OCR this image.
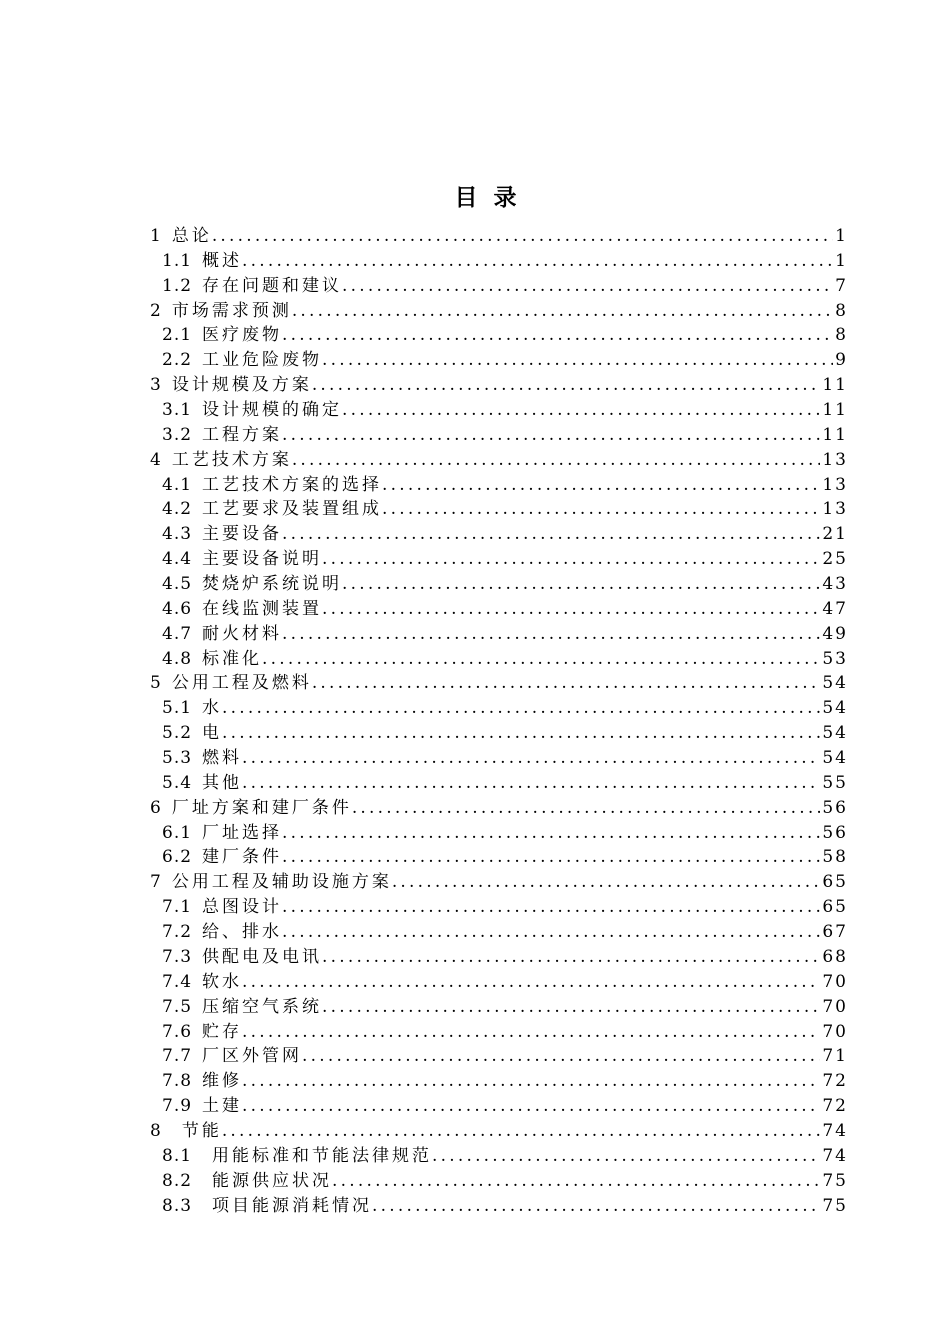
目 录
1 总论 .....	1
1.1 概述 .....	1
1.2 存在问题和建议 .....	7
2 市场需求预测 .....	8
2.1 医疗废物 .....	8
2.2 工业危险废物 .....	9
3 设计规模及方案 .....	11
3.1 设计规模的确定 .....	11
3.2 工程方案 .....	11
4 工艺技术方案 .....	13
4.1 工艺技术方案的选择 .....	13
4.2 工艺要求及装置组成 .....	13
4.3 主要设备 .....	21
4.4 主要设备说明 .....	25
4.5 焚烧炉系统说明 .....	43
4.6 在线监测装置 .....	47
4.7 耐火材料 .....	49
4.8 标准化 .....	53
5 公用工程及燃料 .....	54
5.1 水 .....	54
5.2 电 .....	54
5.3 燃料 .....	54
5.4 其他 .....	55
6 厂址方案和建厂条件 .....	56
6.1 厂址选择 .....	56
6.2 建厂条件 .....	58
7 公用工程及辅助设施方案 .....	65
7.1 总图设计 .....	65
7.2 给、排水 .....	67
7.3 供配电及电讯 .....	68
7.4 软水 .....	70
7.5 压缩空气系统 .....	70
7.6 贮存 .....	70
7.7 厂区外管网 .....	71
7.8 维修 .....	72
7.9 土建 .....	72
8 节能 .....	74
8.1 用能标准和节能法律规范 .....	74
8.2 能源供应状况 .....	75
8.3 项目能源消耗情况 .....	75
